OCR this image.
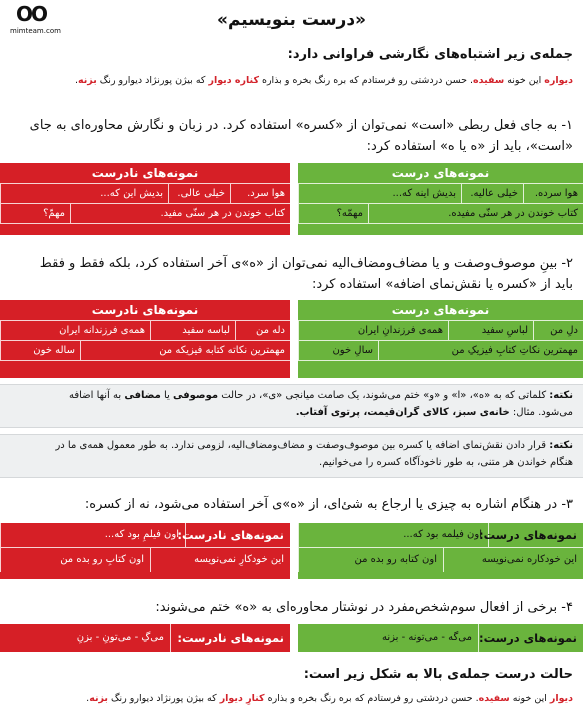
«درست بنویسیم»
OO
mimteam.com
جمله‌ی زیر اشتباه‌های نگارشی فراوانی دارد:
دیواره این خونه سفیده. حسن دردشتی رو فرستادم که بره رنگ بخره و بذاره کناره دیوار که بیژن پورنژاد دیوارو رنگ بزنه.
۱- به جای فعل ربطی «است» نمی‌توان از «کسره» استفاده کرد. در زبان و نگارش محاوره‌ای به جای
«است»، باید از «ه یا ه» استفاده کرد:
نمونه‌های درست
هوا سرده.
خیلی عالیه.
بدیش اینه که...
کتاب خوندن در هر سنّی مفیده.
مهمّه؟
نمونه‌های نادرست
هوا سرد.
خیلی عالی.
بدیش این که...
کتاب خوندن در هر سنّی مفید.
مهمّ؟
۲- بینِ موصوف‌وصفت و یا مضاف‌ومضاف‌الیه نمی‌توان از «ه»ی آخر استفاده کرد، بلکه فقط و فقط
باید از «کسره یا نقش‌نمای اضافه» استفاده کرد:
نمونه‌های درست
دلِ من
لباسِ سفید
همه‌ی فرزندانِ ایران
مهمترین نکاتِ کتابِ فیزیکِ من
سالِ خون
نمونه‌های نادرست
دله من
لباسه سفید
همه‌ی فرزندانه ایران
مهمترین نکاته کتابه فیزیکه من
ساله خون
نکته: کلماتی که به «ه»، «ا» و «و» ختم می‌شوند، یک صامت میانجی «ی»، در حالت موصوفی یا مضافی به آنها اضافه
می‌شود. مثال: خانه‌ی سبز، کالای گران‌قیمت، پرتوی آفتاب.
نکته: قرار دادن نقش‌نمای اضافه یا کسره بین موصوف‌وصفت و مضاف‌ومضاف‌الیه، لزومی ندارد. به طور معمول همه‌ی ما در
هنگام خواندن هر متنی، به طور ناخودآگاه کسره را می‌خوانیم.
۳- در هنگام اشاره به چیزی یا ارجاع به شئ‌ای، از «ه»ی آخر استفاده می‌شود، نه از کسره:
نمونه‌های درست:
اون فیلمه بود که...
این خودکاره نمی‌نویسه
اون کتابه رو بده من
نمونه‌های نادرست:
اون فیلمِ بود که...
این خودکارِ نمی‌نویسه
اون کتابِ رو بده من
۴- برخی از افعال سوم‌شخص‌مفرد در نوشتار محاوره‌ای به «ه» ختم می‌شوند:
نمونه‌های درست:
می‌گه - می‌تونه - بزنه
نمونه‌های نادرست:
می‌گِ - می‌تونِ - بزنِ
حالت درست جمله‌ی بالا به شکل زیر است:
دیوار این خونه سفیده. حسن دردشتی رو فرستادم که بره رنگ بخره و بذاره کنارِ دیوار که بیژن پورنژاد دیوارو رنگ بزنه.
